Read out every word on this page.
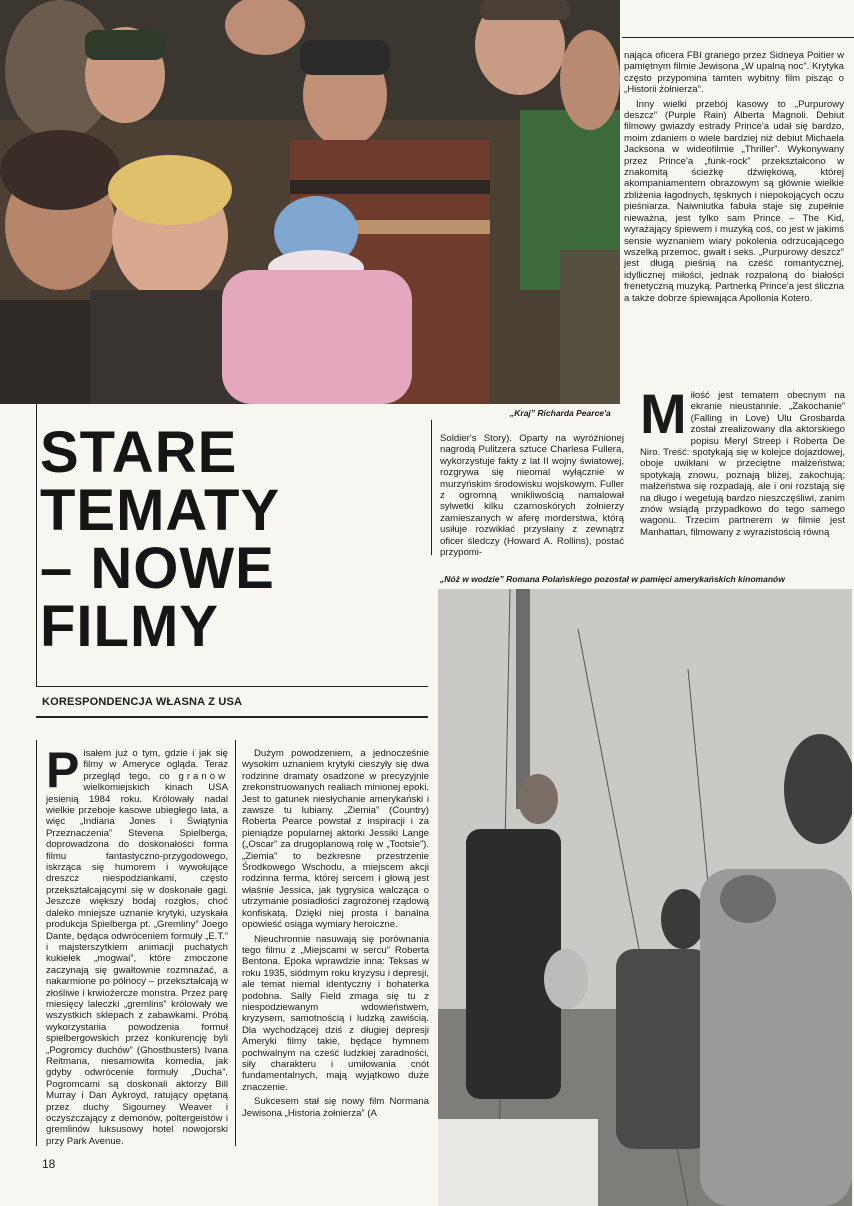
nająca oficera FBI granego przez Sidneya Poitier w pamiętnym filmie Jewisona „W upalną noc”. Krytyka często przypomina tamten wybitny film pisząc o „Historii żołnierza”.

Inny wielki przebój kasowy to „Purpurowy deszcz” (Purple Rain) Alberta Magnoli. Debiut filmowy gwiazdy estrady Prince'a udał się bardzo, moim zdaniem o wiele bardziej niż debiut Michaela Jacksona w wideofilmie „Thriller”. Wykonywany przez Prince'a „funk-rock” przekształcono w znakomitą ścieżkę dźwiękową, której akompaniamentem obrazowym są głównie wielkie zbliżenia łagodnych, tęsknych i niepokojących oczu pieśniarza. Naiwniutka fabuła staje się zupełnie nieważna, jest tylko sam Prince – The Kid, wyrażający śpiewem i muzyką coś, co jest w jakimś sensie wyznaniem wiary pokolenia odrzucającego wszelką przemoc, gwałt i seks. „Purpurowy deszcz” jest długą pieśnią na cześć romantycznej, idyllicznej miłości, jednak rozpaloną do białości frenetyczną muzyką. Partnerką Prince'a jest śliczna a także dobrze śpiewająca Apollonia Kotero.

„Kraj” Richarda Pearce'a
STARE
TEMATY
– NOWE
FILMY
KORESPONDENCJA WŁASNA Z USA

Soldier's Story). Oparty na wyróżnionej nagrodą Pulitzera sztuce Charlesa Fullera, wykorzystuje fakty z lat II wojny światowej, rozgrywa się nieomal wyłącznie w murzyńskim środowisku wojskowym. Fuller z ogromną wnikliwością namalował sylwetki kilku czarnoskórych żołnierzy zamieszanych w aferę morderstwa, którą usiłuje rozwikłać przysłany z zewnątrz oficer śledczy (Howard A. Rollins), postać przypomi-

Miłość jest tematem obecnym na ekranie nieustannie. „Zakochanie” (Falling in Love) Ulu Grosbarda został zrealizowany dla aktorskiego popisu Meryl Streep i Roberta De Niro. Treść: spotykają się w kolejce dojazdowej, oboje uwikłani w przeciętne małżeństwa; spotykają znowu, poznają bliżej, zakochują; małżeństwa się rozpadają, ale i oni rozstają się na długo i wegetują bardzo nieszczęśliwi, zanim znów wsiądą przypadkowo do tego samego wagonu. Trzecim partnerem w filmie jest Manhattan, filmowany z wyrazistością równą

„Nóż w wodzie” Romana Polańskiego pozostał w pamięci amerykańskich kinomanów

Pisałem już o tym, gdzie i jak się filmy w Ameryce ogląda. Teraz przegląd tego, co granow wielkomiejskich kinach USA jesienią 1984 roku. Królowały nadal wielkie przeboje kasowe ubiegłego lata, a więc „Indiana Jones i Świątynia Przeznaczenia” Stevena Spielberga, doprowadzona do doskonałości forma filmu fantastyczno-przygodowego, iskrząca się humorem i wywołujące dreszcz niespodziankami, często przekształcającymi się w doskonałe gagi. Jeszcze większy bodaj rozgłos, choć daleko mniejsze uznanie krytyki, uzyskała produkcja Spielberga pt. „Gremliny” Joego Dante, będąca odwróceniem formuły „E.T.” i majsterszytkiem animacji puchatych kukiełek „mogwai”, które zmoczone zaczynają się gwałtownie rozmnażać, a nakarmione po północy – przekształcają w złośliwe i krwiożercze monstra. Przez parę miesięcy laleczki „gremlins” królowały we wszystkich sklepach z zabawkami. Próbą wykorzystania powodzenia formuł spielbergowskich przez konkurencję byli „Pogromcy duchów” (Ghostbusters) Ivana Reitmana, niesamowita komedia, jak gdyby odwrócenie formuły „Ducha”. Pogromcami są doskonali aktorzy Bill Murray i Dan Aykroyd, ratujący opętaną przez duchy Sigourney Weaver i oczyszczający z demonów, poltergeistów i gremlinów luksusowy hotel nowojorski przy Park Avenue.

Dużym powodzeniem, a jednocześnie wysokim uznaniem krytyki cieszyły się dwa rodzinne dramaty osadzone w precyzyjnie zrekonstruowanych realiach minionej epoki. Jest to gatunek niesłychanie amerykański i zawsze tu lubiany. „Ziemia” (Country) Roberta Pearce powstał z inspiracji i za pieniądze popularnej aktorki Jessiki Lange („Oscar” za drugoplanową rolę w „Tootsie”). „Ziemia” to bezkresne przestrzenie Środkowego Wschodu, a miejscem akcji rodzinna ferma, której sercem i głową jest właśnie Jessica, jak tygrysica walcząca o utrzymanie posiadłości zagrożonej rządową konfiskatą. Dzięki niej prosta i banalna opowieść osiąga wymiary heroiczne.

Nieuchronnie nasuwają się porównania tego filmu z „Miejscami w sercu” Roberta Bentona. Epoka wprawdzie inna: Teksas w roku 1935, siódmym roku kryzysu i depresji, ale temat niemal identyczny i bohaterka podobna. Sally Field zmaga się tu z niespodziewanym wdowieństwem, kryzysem, samotnością i ludzką zawiścią. Dla wychodzącej dziś z długiej depresji Ameryki filmy takie, będące hymnem pochwalnym na cześć ludzkiej zaradności, siły charakteru i umiłowania cnót fundamentalnych, mają wyjątkowo duże znaczenie.

Sukcesem stał się nowy film Normana Jewisona „Historia żołnierza” (A

18
